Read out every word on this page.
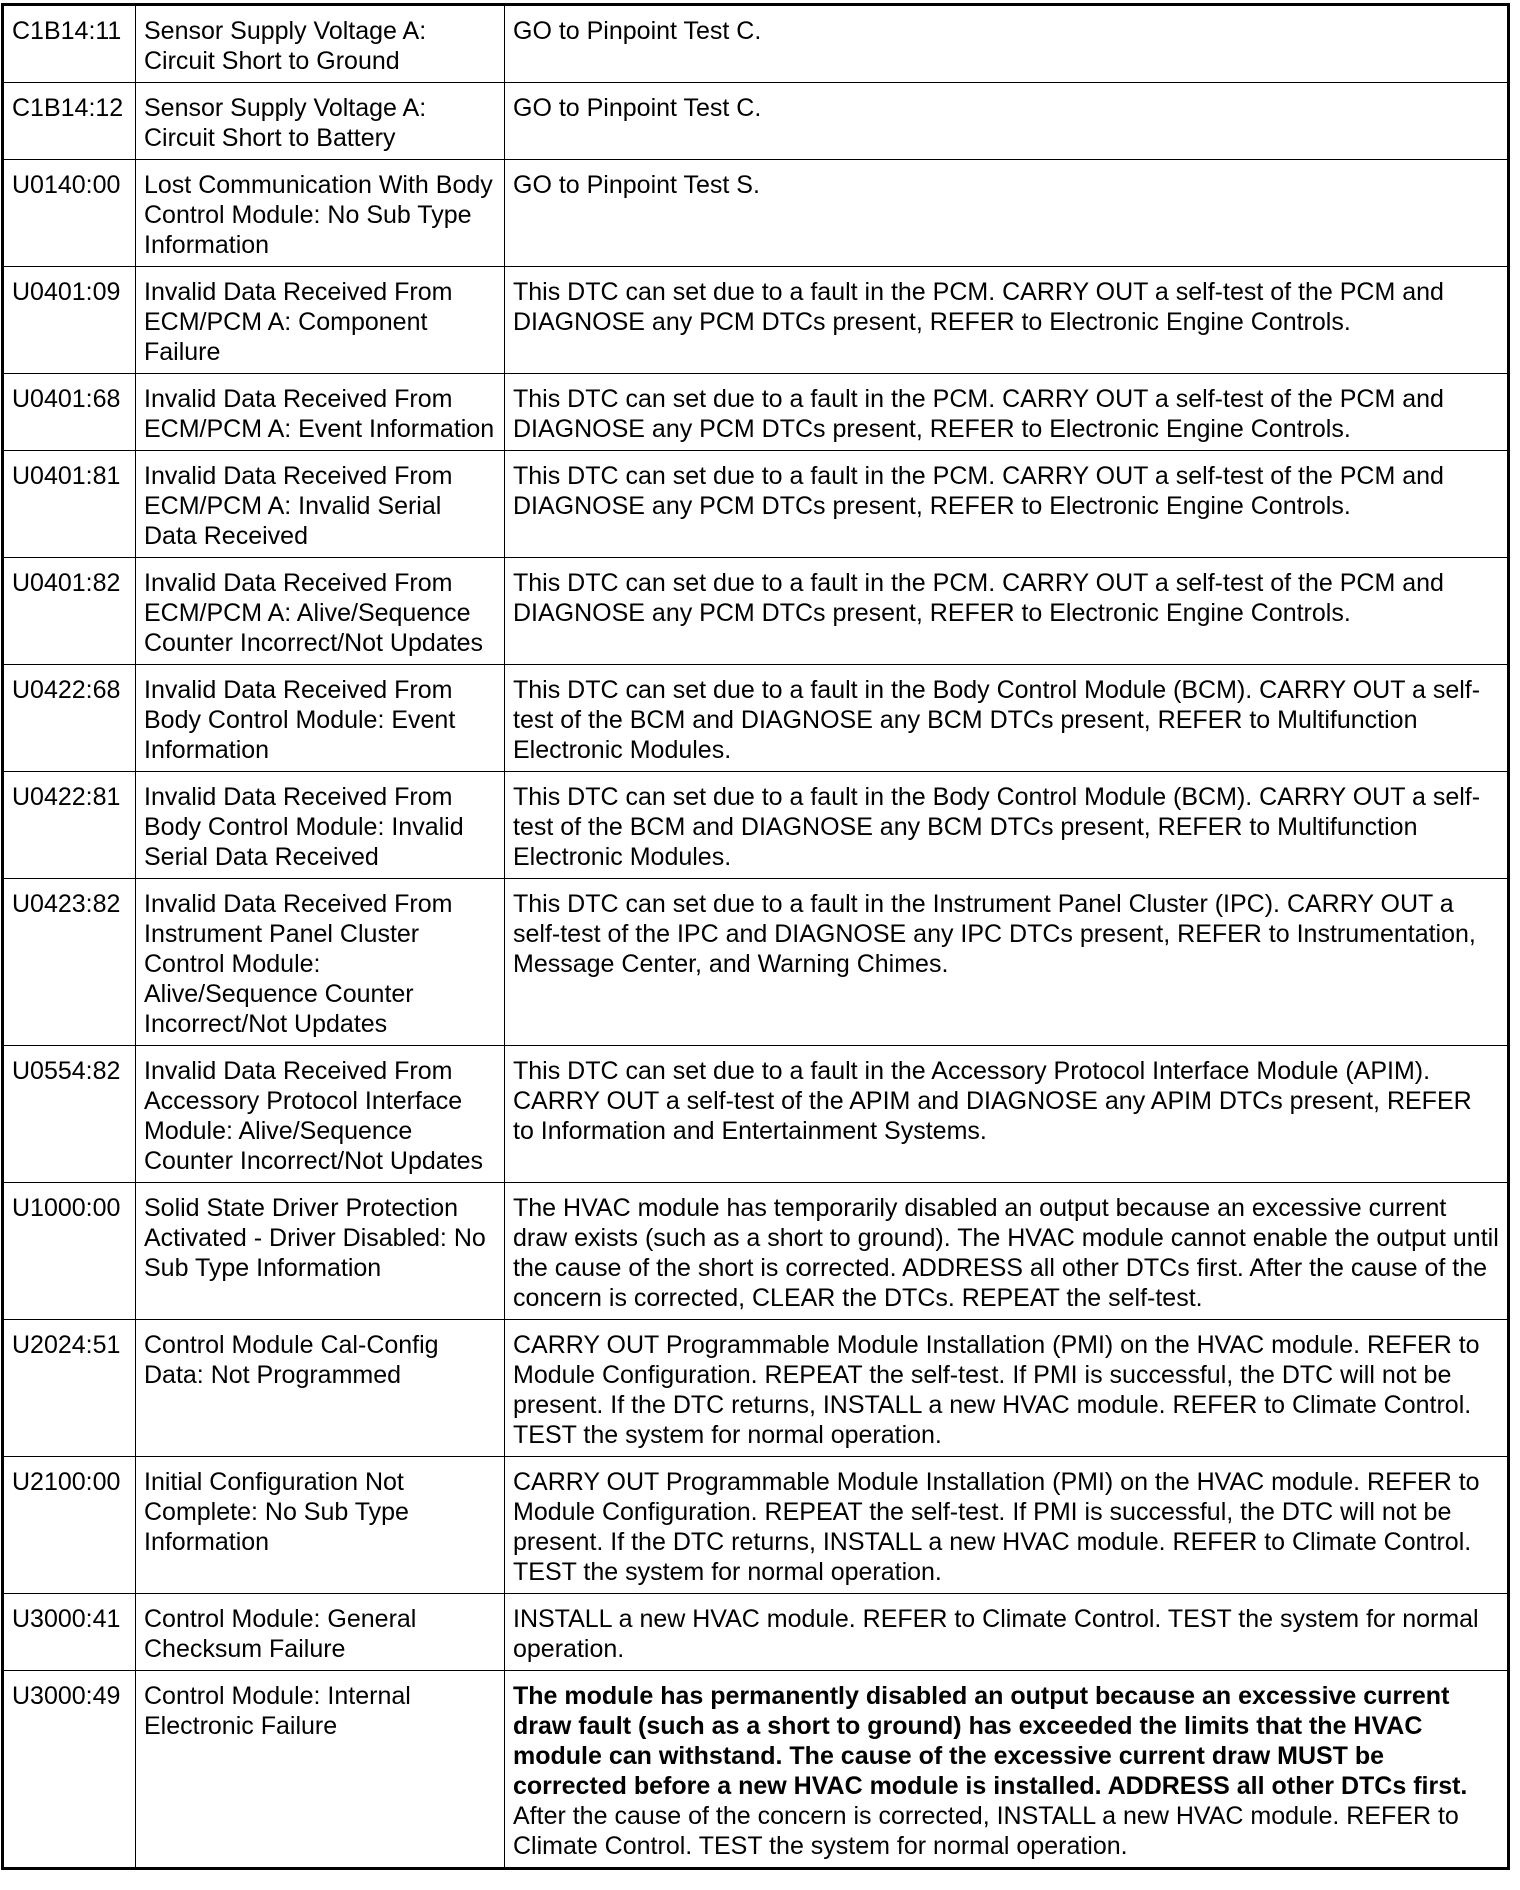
C1B14:11	Sensor Supply Voltage A: Circuit Short to Ground	GO to Pinpoint Test C.
C1B14:12	Sensor Supply Voltage A: Circuit Short to Battery	GO to Pinpoint Test C.
U0140:00	Lost Communication With Body Control Module: No Sub Type Information	GO to Pinpoint Test S.
U0401:09	Invalid Data Received From ECM/PCM A: Component Failure	This DTC can set due to a fault in the PCM. CARRY OUT a self-test of the PCM and DIAGNOSE any PCM DTCs present, REFER to Electronic Engine Controls.
U0401:68	Invalid Data Received From ECM/PCM A: Event Information	This DTC can set due to a fault in the PCM. CARRY OUT a self-test of the PCM and DIAGNOSE any PCM DTCs present, REFER to Electronic Engine Controls.
U0401:81	Invalid Data Received From ECM/PCM A: Invalid Serial Data Received	This DTC can set due to a fault in the PCM. CARRY OUT a self-test of the PCM and DIAGNOSE any PCM DTCs present, REFER to Electronic Engine Controls.
U0401:82	Invalid Data Received From ECM/PCM A: Alive/Sequence Counter Incorrect/Not Updates	This DTC can set due to a fault in the PCM. CARRY OUT a self-test of the PCM and DIAGNOSE any PCM DTCs present, REFER to Electronic Engine Controls.
U0422:68	Invalid Data Received From Body Control Module: Event Information	This DTC can set due to a fault in the Body Control Module (BCM). CARRY OUT a self-test of the BCM and DIAGNOSE any BCM DTCs present, REFER to Multifunction Electronic Modules.
U0422:81	Invalid Data Received From Body Control Module: Invalid Serial Data Received	This DTC can set due to a fault in the Body Control Module (BCM). CARRY OUT a self-test of the BCM and DIAGNOSE any BCM DTCs present, REFER to Multifunction Electronic Modules.
U0423:82	Invalid Data Received From Instrument Panel Cluster Control Module: Alive/Sequence Counter Incorrect/Not Updates	This DTC can set due to a fault in the Instrument Panel Cluster (IPC). CARRY OUT a self-test of the IPC and DIAGNOSE any IPC DTCs present, REFER to Instrumentation, Message Center, and Warning Chimes.
U0554:82	Invalid Data Received From Accessory Protocol Interface Module: Alive/Sequence Counter Incorrect/Not Updates	This DTC can set due to a fault in the Accessory Protocol Interface Module (APIM). CARRY OUT a self-test of the APIM and DIAGNOSE any APIM DTCs present, REFER to Information and Entertainment Systems.
U1000:00	Solid State Driver Protection Activated - Driver Disabled: No Sub Type Information	The HVAC module has temporarily disabled an output because an excessive current draw exists (such as a short to ground). The HVAC module cannot enable the output until the cause of the short is corrected. ADDRESS all other DTCs first. After the cause of the concern is corrected, CLEAR the DTCs. REPEAT the self-test.
U2024:51	Control Module Cal-Config Data: Not Programmed	CARRY OUT Programmable Module Installation (PMI) on the HVAC module. REFER to Module Configuration. REPEAT the self-test. If PMI is successful, the DTC will not be present. If the DTC returns, INSTALL a new HVAC module. REFER to Climate Control. TEST the system for normal operation.
U2100:00	Initial Configuration Not Complete: No Sub Type Information	CARRY OUT Programmable Module Installation (PMI) on the HVAC module. REFER to Module Configuration. REPEAT the self-test. If PMI is successful, the DTC will not be present. If the DTC returns, INSTALL a new HVAC module. REFER to Climate Control. TEST the system for normal operation.
U3000:41	Control Module: General Checksum Failure	INSTALL a new HVAC module. REFER to Climate Control. TEST the system for normal operation.
U3000:49	Control Module: Internal Electronic Failure	The module has permanently disabled an output because an excessive current draw fault (such as a short to ground) has exceeded the limits that the HVAC module can withstand. The cause of the excessive current draw MUST be corrected before a new HVAC module is installed. ADDRESS all other DTCs first. After the cause of the concern is corrected, INSTALL a new HVAC module. REFER to Climate Control. TEST the system for normal operation.
